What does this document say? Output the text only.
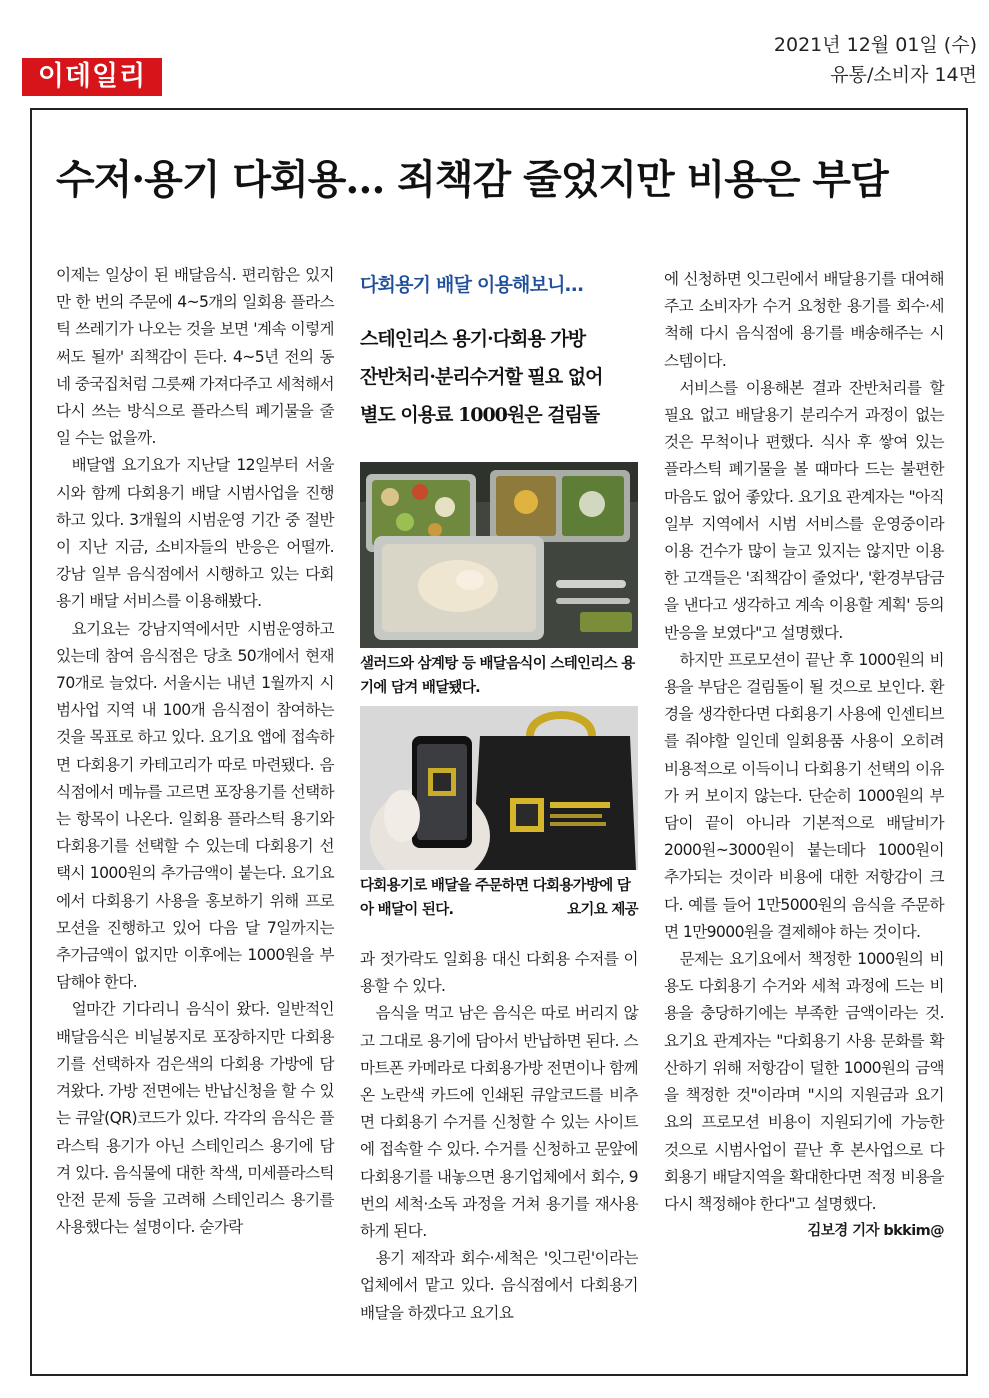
이데일리
2021년 12월 01일 (수)
유통/소비자 14면
수저·용기 다회용… 죄책감 줄었지만 비용은 부담

이제는 일상이 된 배달음식. 편리함은 있지만 한 번의 주문에 4~5개의 일회용 플라스틱 쓰레기가 나오는 것을 보면 '계속 이렇게 써도 될까' 죄책감이 든다. 4~5년 전의 동네 중국집처럼 그릇째 가져다주고 세척해서 다시 쓰는 방식으로 플라스틱 폐기물을 줄일 수는 없을까.

배달앱 요기요가 지난달 12일부터 서울시와 함께 다회용기 배달 시범사업을 진행하고 있다. 3개월의 시범운영 기간 중 절반이 지난 지금, 소비자들의 반응은 어떨까. 강남 일부 음식점에서 시행하고 있는 다회용기 배달 서비스를 이용해봤다.

요기요는 강남지역에서만 시범운영하고 있는데 참여 음식점은 당초 50개에서 현재 70개로 늘었다. 서울시는 내년 1월까지 시범사업 지역 내 100개 음식점이 참여하는 것을 목표로 하고 있다. 요기요 앱에 접속하면 다회용기 카테고리가 따로 마련됐다. 음식점에서 메뉴를 고르면 포장용기를 선택하는 항목이 나온다. 일회용 플라스틱 용기와 다회용기를 선택할 수 있는데 다회용기 선택시 1000원의 추가금액이 붙는다. 요기요에서 다회용기 사용을 홍보하기 위해 프로모션을 진행하고 있어 다음 달 7일까지는 추가금액이 없지만 이후에는 1000원을 부담해야 한다.

얼마간 기다리니 음식이 왔다. 일반적인 배달음식은 비닐봉지로 포장하지만 다회용기를 선택하자 검은색의 다회용 가방에 담겨왔다. 가방 전면에는 반납신청을 할 수 있는 큐알(QR)코드가 있다. 각각의 음식은 플라스틱 용기가 아닌 스테인리스 용기에 담겨 있다. 음식물에 대한 착색, 미세플라스틱 안전 문제 등을 고려해 스테인리스 용기를 사용했다는 설명이다. 숟가락

다회용기 배달 이용해보니…
스테인리스 용기·다회용 가방
잔반처리·분리수거할 필요 없어
별도 이용료 1000원은 걸림돌
샐러드와 삼계탕 등 배달음식이 스테인리스 용기에 담겨 배달됐다.
다회용기로 배달을 주문하면 다회용가방에 담아 배달이 된다.	요기요 제공

과 젓가락도 일회용 대신 다회용 수저를 이용할 수 있다.

음식을 먹고 남은 음식은 따로 버리지 않고 그대로 용기에 담아서 반납하면 된다. 스마트폰 카메라로 다회용가방 전면이나 함께 온 노란색 카드에 인쇄된 큐알코드를 비추면 다회용기 수거를 신청할 수 있는 사이트에 접속할 수 있다. 수거를 신청하고 문앞에 다회용기를 내놓으면 용기업체에서 회수, 9번의 세척·소독 과정을 거쳐 용기를 재사용하게 된다.

용기 제작과 회수·세척은 '잇그린'이라는 업체에서 맡고 있다. 음식점에서 다회용기 배달을 하겠다고 요기요

에 신청하면 잇그린에서 배달용기를 대여해주고 소비자가 수거 요청한 용기를 회수·세척해 다시 음식점에 용기를 배송해주는 시스템이다.

서비스를 이용해본 결과 잔반처리를 할 필요 없고 배달용기 분리수거 과정이 없는 것은 무척이나 편했다. 식사 후 쌓여 있는 플라스틱 폐기물을 볼 때마다 드는 불편한 마음도 없어 좋았다. 요기요 관계자는 "아직 일부 지역에서 시범 서비스를 운영중이라 이용 건수가 많이 늘고 있지는 않지만 이용한 고객들은 '죄책감이 줄었다', '환경부담금을 낸다고 생각하고 계속 이용할 계획' 등의 반응을 보였다"고 설명했다.

하지만 프로모션이 끝난 후 1000원의 비용을 부담은 걸림돌이 될 것으로 보인다. 환경을 생각한다면 다회용기 사용에 인센티브를 줘야할 일인데 일회용품 사용이 오히려 비용적으로 이득이니 다회용기 선택의 이유가 커 보이지 않는다. 단순히 1000원의 부담이 끝이 아니라 기본적으로 배달비가 2000원~3000원이 붙는데다 1000원이 추가되는 것이라 비용에 대한 저항감이 크다. 예를 들어 1만5000원의 음식을 주문하면 1만9000원을 결제해야 하는 것이다.

문제는 요기요에서 책정한 1000원의 비용도 다회용기 수거와 세척 과정에 드는 비용을 충당하기에는 부족한 금액이라는 것. 요기요 관계자는 "다회용기 사용 문화를 확산하기 위해 저항감이 덜한 1000원의 금액을 책정한 것"이라며 "시의 지원금과 요기요의 프로모션 비용이 지원되기에 가능한 것으로 시범사업이 끝난 후 본사업으로 다회용기 배달지역을 확대한다면 적정 비용을 다시 책정해야 한다"고 설명했다.

김보경 기자 bkkim@
